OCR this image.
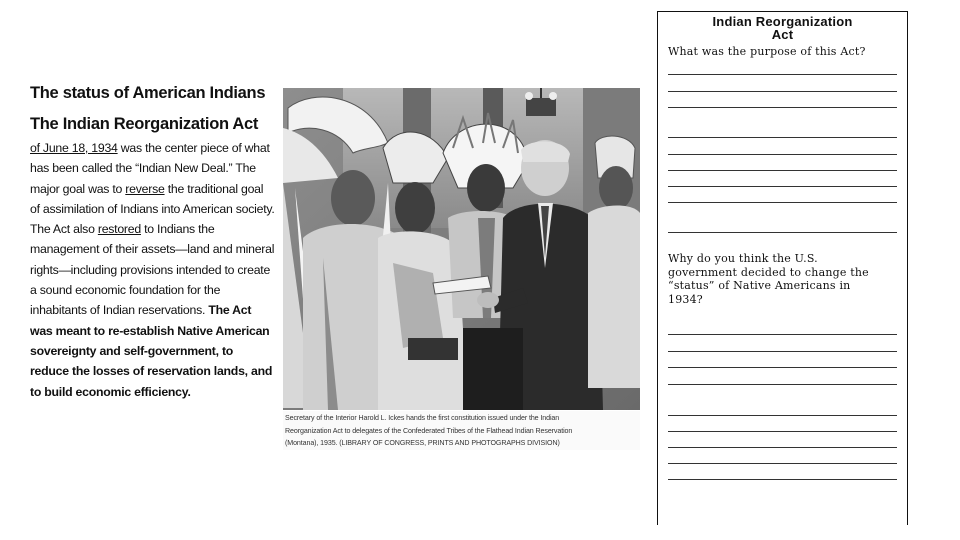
The status of American Indians
The Indian Reorganization Act
of June 18, 1934 was the center piece of what has been called the “Indian New Deal.” The major goal was to reverse the traditional goal of assimilation of Indians into American society. The Act also restored to Indians the management of their assets—land and mineral rights—including provisions intended to create a sound economic foundation for the inhabitants of Indian reservations. The Act was meant to re-establish Native American sovereignty and self-government, to reduce the losses of reservation lands, and to build economic efficiency.
Secretary of the Interior Harold L. Ickes hands the first constitution issued under the Indian
Reorganization Act to delegates of the Confederated Tribes of the Flathead Indian Reservation
(Montana), 1935. (LIBRARY OF CONGRESS, PRINTS AND PHOTOGRAPHS DIVISION)
Indian Reorganization
Act
What was the purpose of this Act?
Why do you think the U.S.
government decided to change the
“status” of Native Americans in
1934?
